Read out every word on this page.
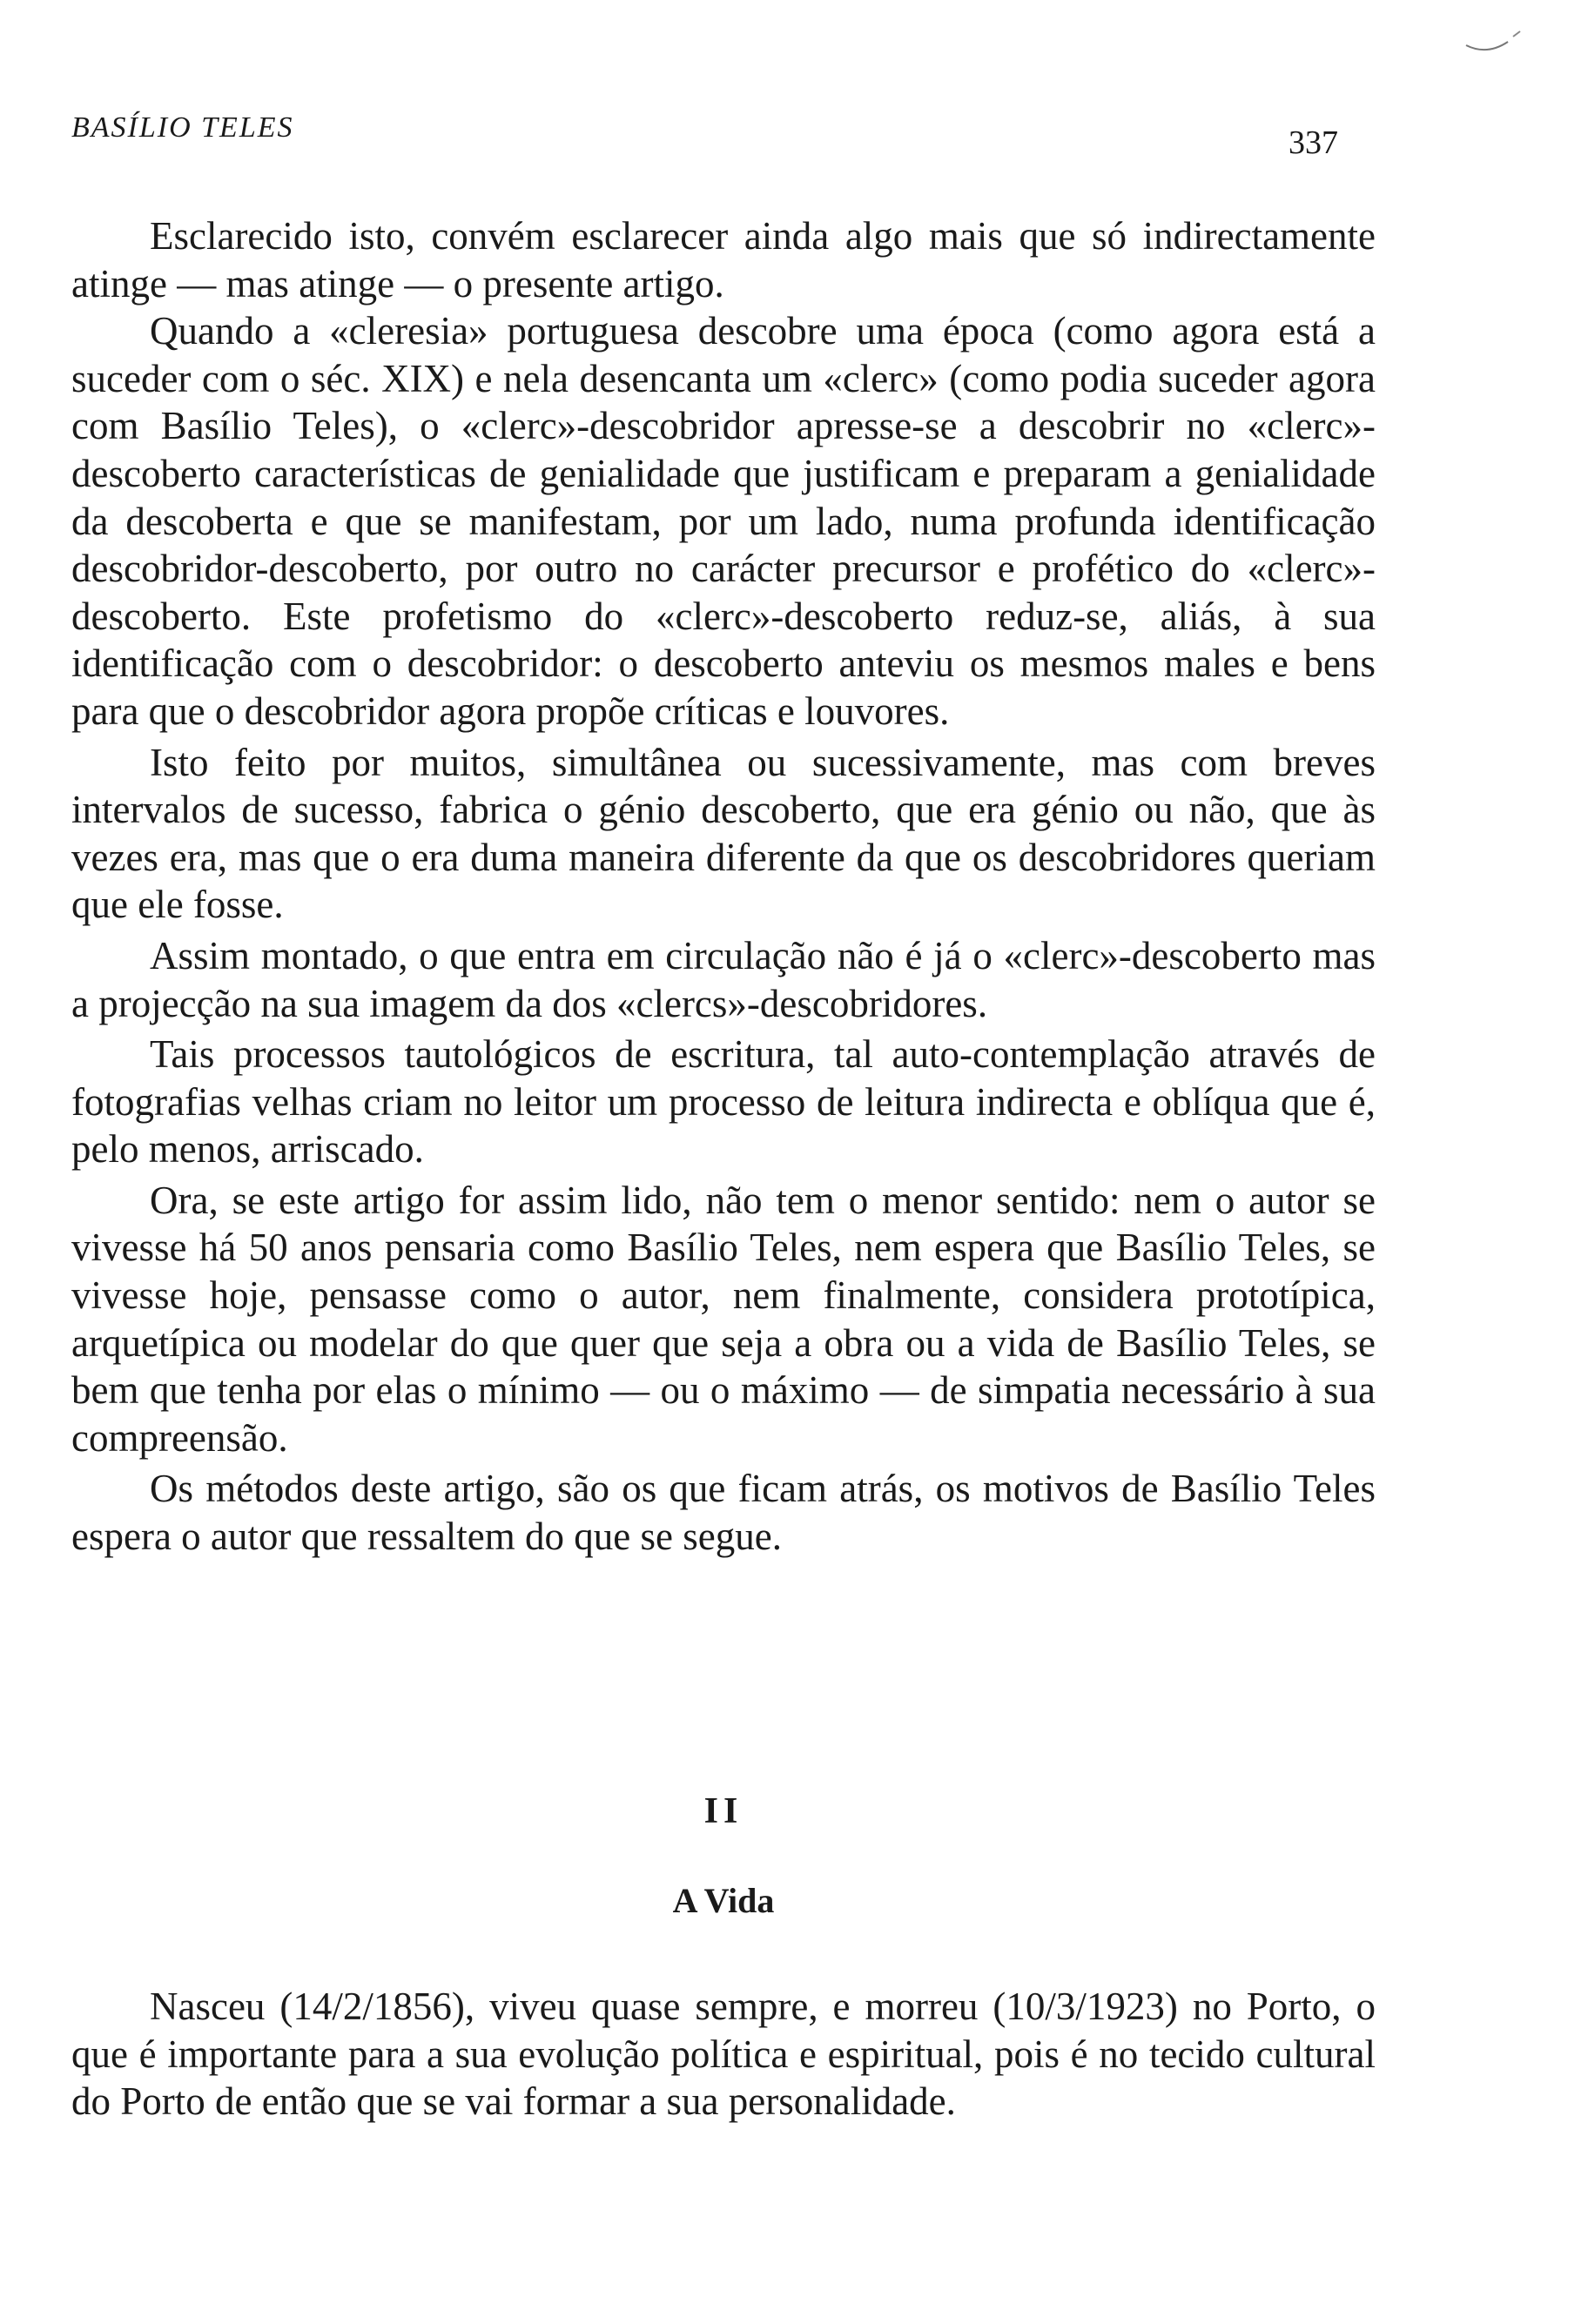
BASÍLIO TELES	337

Esclarecido isto, convém esclarecer ainda algo mais que só indirectamente atinge — mas atinge — o presente artigo.

Quando a «cleresia» portuguesa descobre uma época (como agora está a suceder com o séc. XIX) e nela desencanta um «clerc» (como podia suceder agora com Basílio Teles), o «clerc»-descobridor apresse-se a descobrir no «clerc»-descoberto características de genialidade que justificam e preparam a genialidade da descoberta e que se manifestam, por um lado, numa profunda identificação descobridor-descoberto, por outro no carácter precursor e profético do «clerc»-descoberto. Este profetismo do «clerc»-descoberto reduz-se, aliás, à sua identificação com o descobridor: o descoberto anteviu os mesmos males e bens para que o descobridor agora propõe críticas e louvores.

Isto feito por muitos, simultânea ou sucessivamente, mas com breves intervalos de sucesso, fabrica o génio descoberto, que era génio ou não, que às vezes era, mas que o era duma maneira diferente da que os descobridores queriam que ele fosse.

Assim montado, o que entra em circulação não é já o «clerc»-descoberto mas a projecção na sua imagem da dos «clercs»-descobridores.

Tais processos tautológicos de escritura, tal auto-contemplação através de fotografias velhas criam no leitor um processo de leitura indirecta e oblíqua que é, pelo menos, arriscado.

Ora, se este artigo for assim lido, não tem o menor sentido: nem o autor se vivesse há 50 anos pensaria como Basílio Teles, nem espera que Basílio Teles, se vivesse hoje, pensasse como o autor, nem finalmente, considera prototípica, arquetípica ou modelar do que quer que seja a obra ou a vida de Basílio Teles, se bem que tenha por elas o mínimo — ou o máximo — de simpatia necessário à sua compreensão.

Os métodos deste artigo, são os que ficam atrás, os motivos de Basílio Teles espera o autor que ressaltem do que se segue.

II
A Vida

Nasceu (14/2/1856), viveu quase sempre, e morreu (10/3/1923) no Porto, o que é importante para a sua evolução política e espiritual, pois é no tecido cultural do Porto de então que se vai formar a sua personalidade.
